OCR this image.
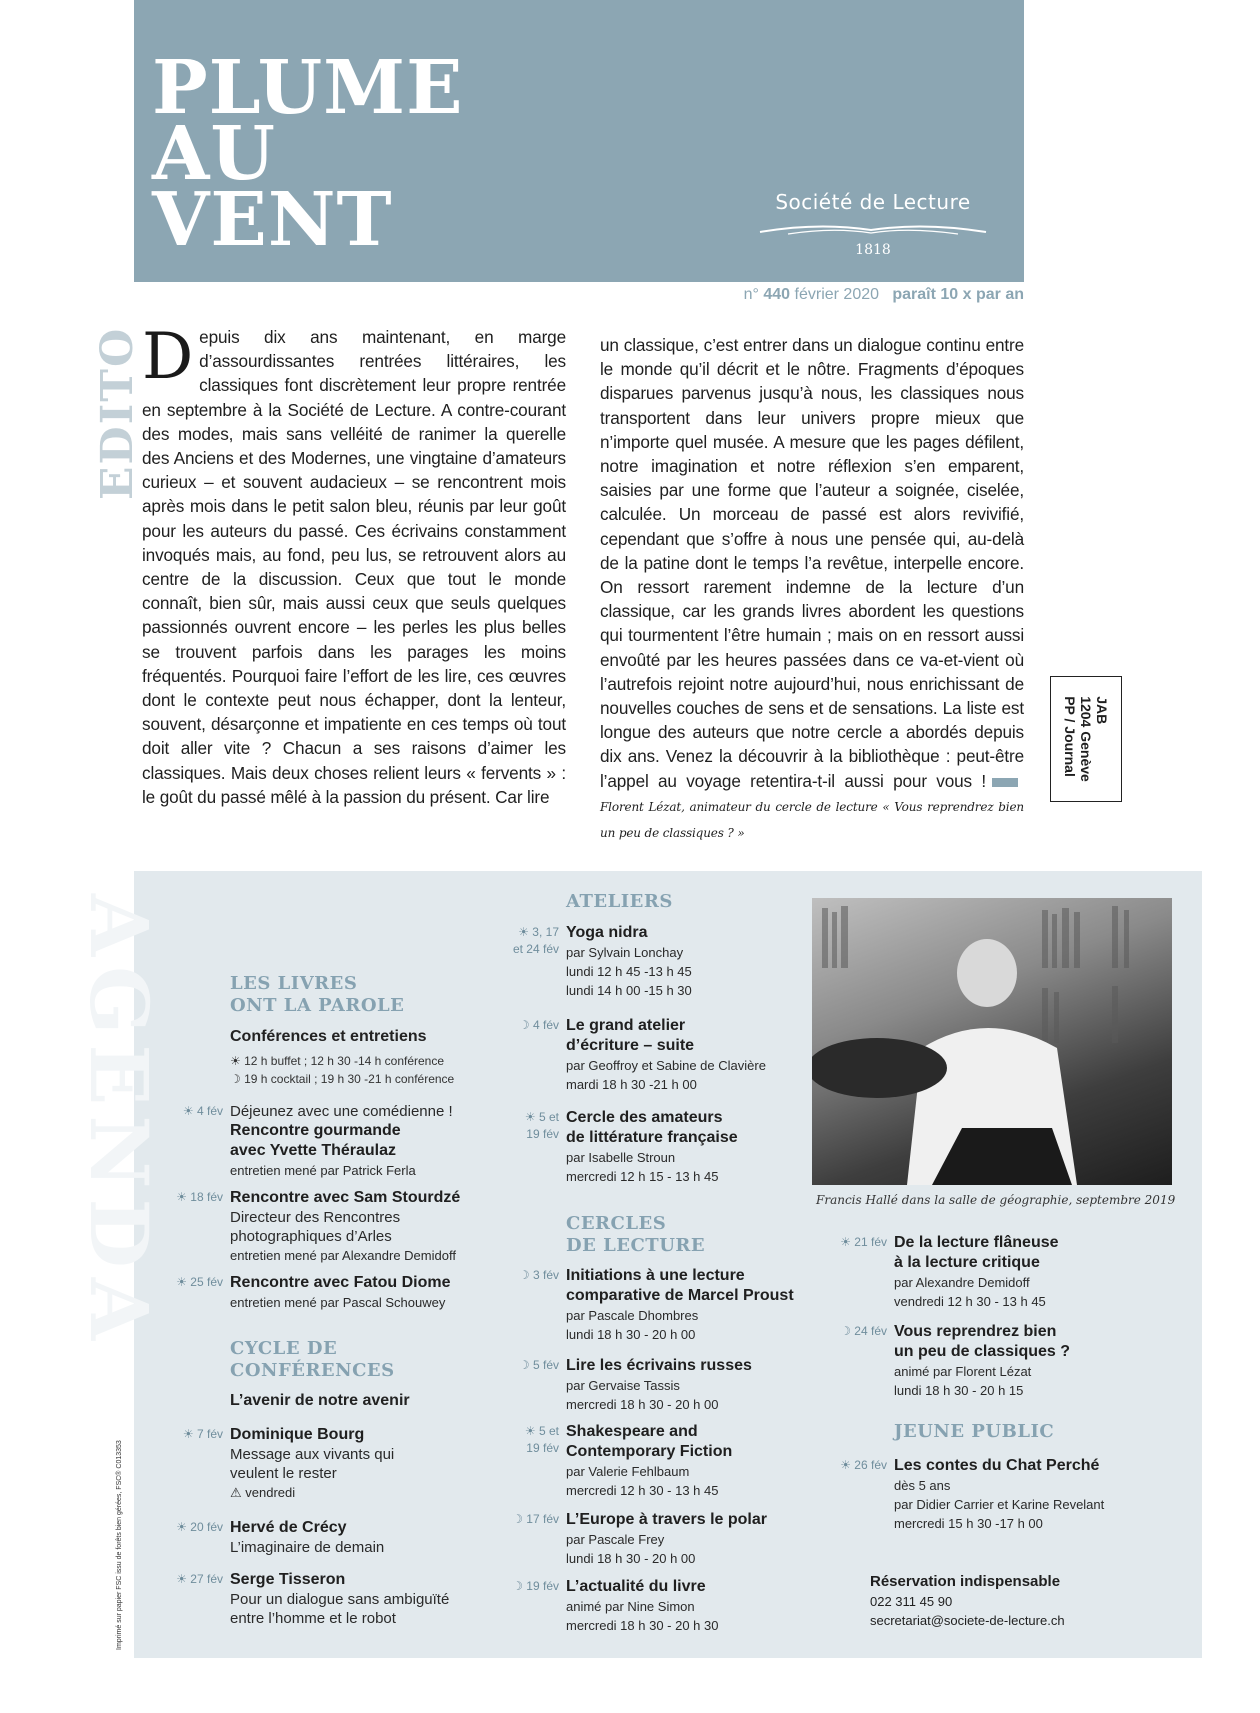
PLUME
AU
VENT	Société de Lecture
1818
n° 440 février 2020 paraît 10 x par an
EDITO Depuis dix ans maintenant, en marge d’assourdissantes rentrées littéraires, les classiques font discrètement leur propre rentrée en septembre à la Société de Lecture. A contre-courant des modes, mais sans velléité de ranimer la querelle des Anciens et des Modernes, une vingtaine d’amateurs curieux – et souvent audacieux – se rencontrent mois après mois dans le petit salon bleu, réunis par leur goût pour les auteurs du passé. Ces écrivains constamment invoqués mais, au fond, peu lus, se retrouvent alors au centre de la discussion. Ceux que tout le monde connaît, bien sûr, mais aussi ceux que seuls quelques passionnés ouvrent encore – les perles les plus belles se trouvent parfois dans les parages les moins fréquentés. Pourquoi faire l’effort de les lire, ces œuvres dont le contexte peut nous échapper, dont la lenteur, souvent, désarçonne et impatiente en ces temps où tout doit aller vite ? Chacun a ses raisons d’aimer les classiques. Mais deux choses relient leurs « fervents » : le goût du passé mêlé à la passion du présent. Car lire
un classique, c’est entrer dans un dialogue continu entre le monde qu’il décrit et le nôtre. Fragments d’époques disparues parvenus jusqu’à nous, les classiques nous transportent dans leur univers propre mieux que n’importe quel musée. A mesure que les pages défilent, notre imagination et notre réflexion s’en emparent, saisies par une forme que l’auteur a soignée, ciselée, calculée. Un morceau de passé est alors revivifié, cependant que s’offre à nous une pensée qui, au-delà de la patine dont le temps l’a revêtue, interpelle encore. On ressort rarement indemne de la lecture d’un classique, car les grands livres abordent les questions qui tourmentent l’être humain ; mais on en ressort aussi envoûté par les heures passées dans ce va-et-vient où l’autrefois rejoint notre aujourd’hui, nous enrichissant de nouvelles couches de sens et de sensations. La liste est longue des auteurs que notre cercle a abordés depuis dix ans. Venez la découvrir à la bibliothèque : peut-être l’appel au voyage retentira-t-il aussi pour vous !Florent Lézat, animateur du cercle de lecture « Vous reprendrez bien un peu de classiques ? »
JAB
1204 Genève
PP / Journal
AGENDA	LES LIVRES
ONT LA PAROLE
Conférences et entretiens
☀ 12 h buffet ; 12 h 30 -14 h conférence
☽ 19 h cocktail ; 19 h 30 -21 h conférence
☀ 4 fév Déjeunez avec une comédienne !
Rencontre gourmande
avec Yvette Théraulaz
entretien mené par Patrick Ferla
☀ 18 fév Rencontre avec Sam Stourdzé
Directeur des Rencontres
photographiques d’Arles
entretien mené par Alexandre Demidoff
☀ 25 fév Rencontre avec Fatou Diome
entretien mené par Pascal Schouwey
CYCLE DE
CONFÉRENCES
L’avenir de notre avenir
☀ 7 fév Dominique Bourg
Message aux vivants qui
veulent le rester
⚠ vendredi
☀ 20 fév Hervé de Crécy
L’imaginaire de demain
☀ 27 fév Serge Tisseron
Pour un dialogue sans ambiguïté
entre l’homme et le robot
ATELIERS
☀ 3, 17
et 24 fév
Yoga nidra
par Sylvain Lonchay
lundi 12 h 45 -13 h 45
lundi 14 h 00 -15 h 30
☽ 4 fév Le grand atelier
d’écriture – suite
par Geoffroy et Sabine de Clavière
mardi 18 h 30 -21 h 00
☀ 5 et
19 fév
Cercle des amateurs
de littérature française
par Isabelle Stroun
mercredi 12 h 15 - 13 h 45
CERCLES
DE LECTURE
☽ 3 fév Initiations à une lecture
comparative de Marcel Proust
par Pascale Dhombres
lundi 18 h 30 - 20 h 00
☽ 5 fév Lire les écrivains russes
par Gervaise Tassis
mercredi 18 h 30 - 20 h 00
☀ 5 et
19 fév
Shakespeare and
Contemporary Fiction
par Valerie Fehlbaum
mercredi 12 h 30 - 13 h 45
☽ 17 fév L’Europe à travers le polar
par Pascale Frey
lundi 18 h 30 - 20 h 00
☽ 19 fév L’actualité du livre
animé par Nine Simon
mercredi 18 h 30 - 20 h 30
Francis Hallé dans la salle de géographie, septembre 2019
☀ 21 fév De la lecture flâneuse
à la lecture critique
par Alexandre Demidoff
vendredi 12 h 30 - 13 h 45
☽ 24 fév Vous reprendrez bien
un peu de classiques ?
animé par Florent Lézat
lundi 18 h 30 - 20 h 15
JEUNE PUBLIC
☀ 26 fév Les contes du Chat Perché
dès 5 ans
par Didier Carrier et Karine Revelant
mercredi 15 h 30 -17 h 00
Réservation indispensable
022 311 45 90
secretariat@societe-de-lecture.ch
Imprimé sur papier FSC issu de forêts bien gérées, FSC® C013353
